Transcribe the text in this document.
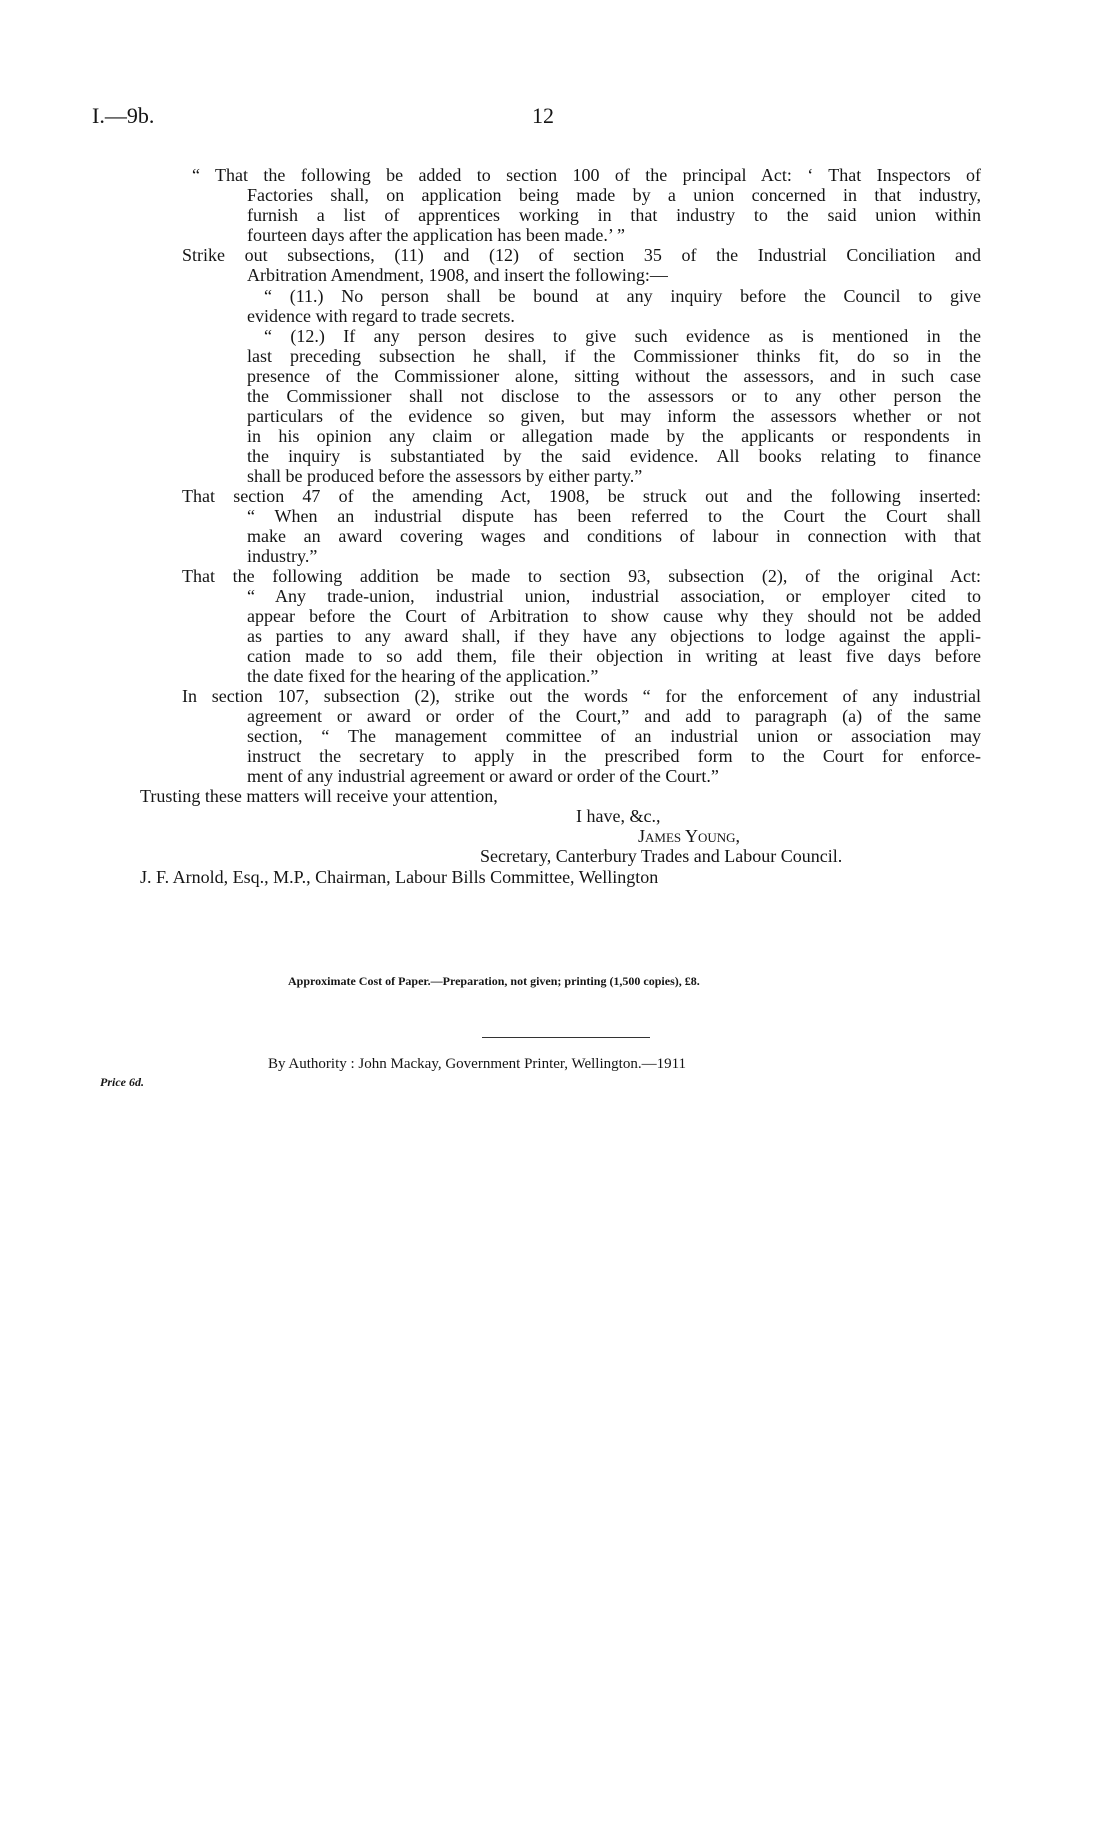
I.—9b.	12
“ That the following be added to section 100 of the principal Act: ‘ That Inspectors of
Factories shall, on application being made by a union concerned in that industry,
furnish a list of apprentices working in that industry to the said union within
fourteen days after the application has been made.’ ”
Strike out subsections, (11) and (12) of section 35 of the Industrial Conciliation and
Arbitration Amendment, 1908, and insert the following:—
“ (11.) No person shall be bound at any inquiry before the Council to give
evidence with regard to trade secrets.
“ (12.) If any person desires to give such evidence as is mentioned in the
last preceding subsection he shall, if the Commissioner thinks fit, do so in the
presence of the Commissioner alone, sitting without the assessors, and in such case
the Commissioner shall not disclose to the assessors or to any other person the
particulars of the evidence so given, but may inform the assessors whether or not
in his opinion any claim or allegation made by the applicants or respondents in
the inquiry is substantiated by the said evidence. All books relating to finance
shall be produced before the assessors by either party.”
That section 47 of the amending Act, 1908, be struck out and the following inserted:
“ When an industrial dispute has been referred to the Court the Court shall
make an award covering wages and conditions of labour in connection with that
industry.”
That the following addition be made to section 93, subsection (2), of the original Act:
“ Any trade-union, industrial union, industrial association, or employer cited to
appear before the Court of Arbitration to show cause why they should not be added
as parties to any award shall, if they have any objections to lodge against the appli-
cation made to so add them, file their objection in writing at least five days before
the date fixed for the hearing of the application.”
In section 107, subsection (2), strike out the words “ for the enforcement of any industrial
agreement or award or order of the Court,” and add to paragraph (a) of the same
section, “ The management committee of an industrial union or association may
instruct the secretary to apply in the prescribed form to the Court for enforce-
ment of any industrial agreement or award or order of the Court.”
Trusting these matters will receive your attention,
I have, &c.,
James Young,
Secretary, Canterbury Trades and Labour Council.
J. F. Arnold, Esq., M.P., Chairman, Labour Bills Committee, Wellington
Approximate Cost of Paper.—Preparation, not given; printing (1,500 copies), £8.
By Authority : John Mackay, Government Printer, Wellington.—1911
Price 6d.
